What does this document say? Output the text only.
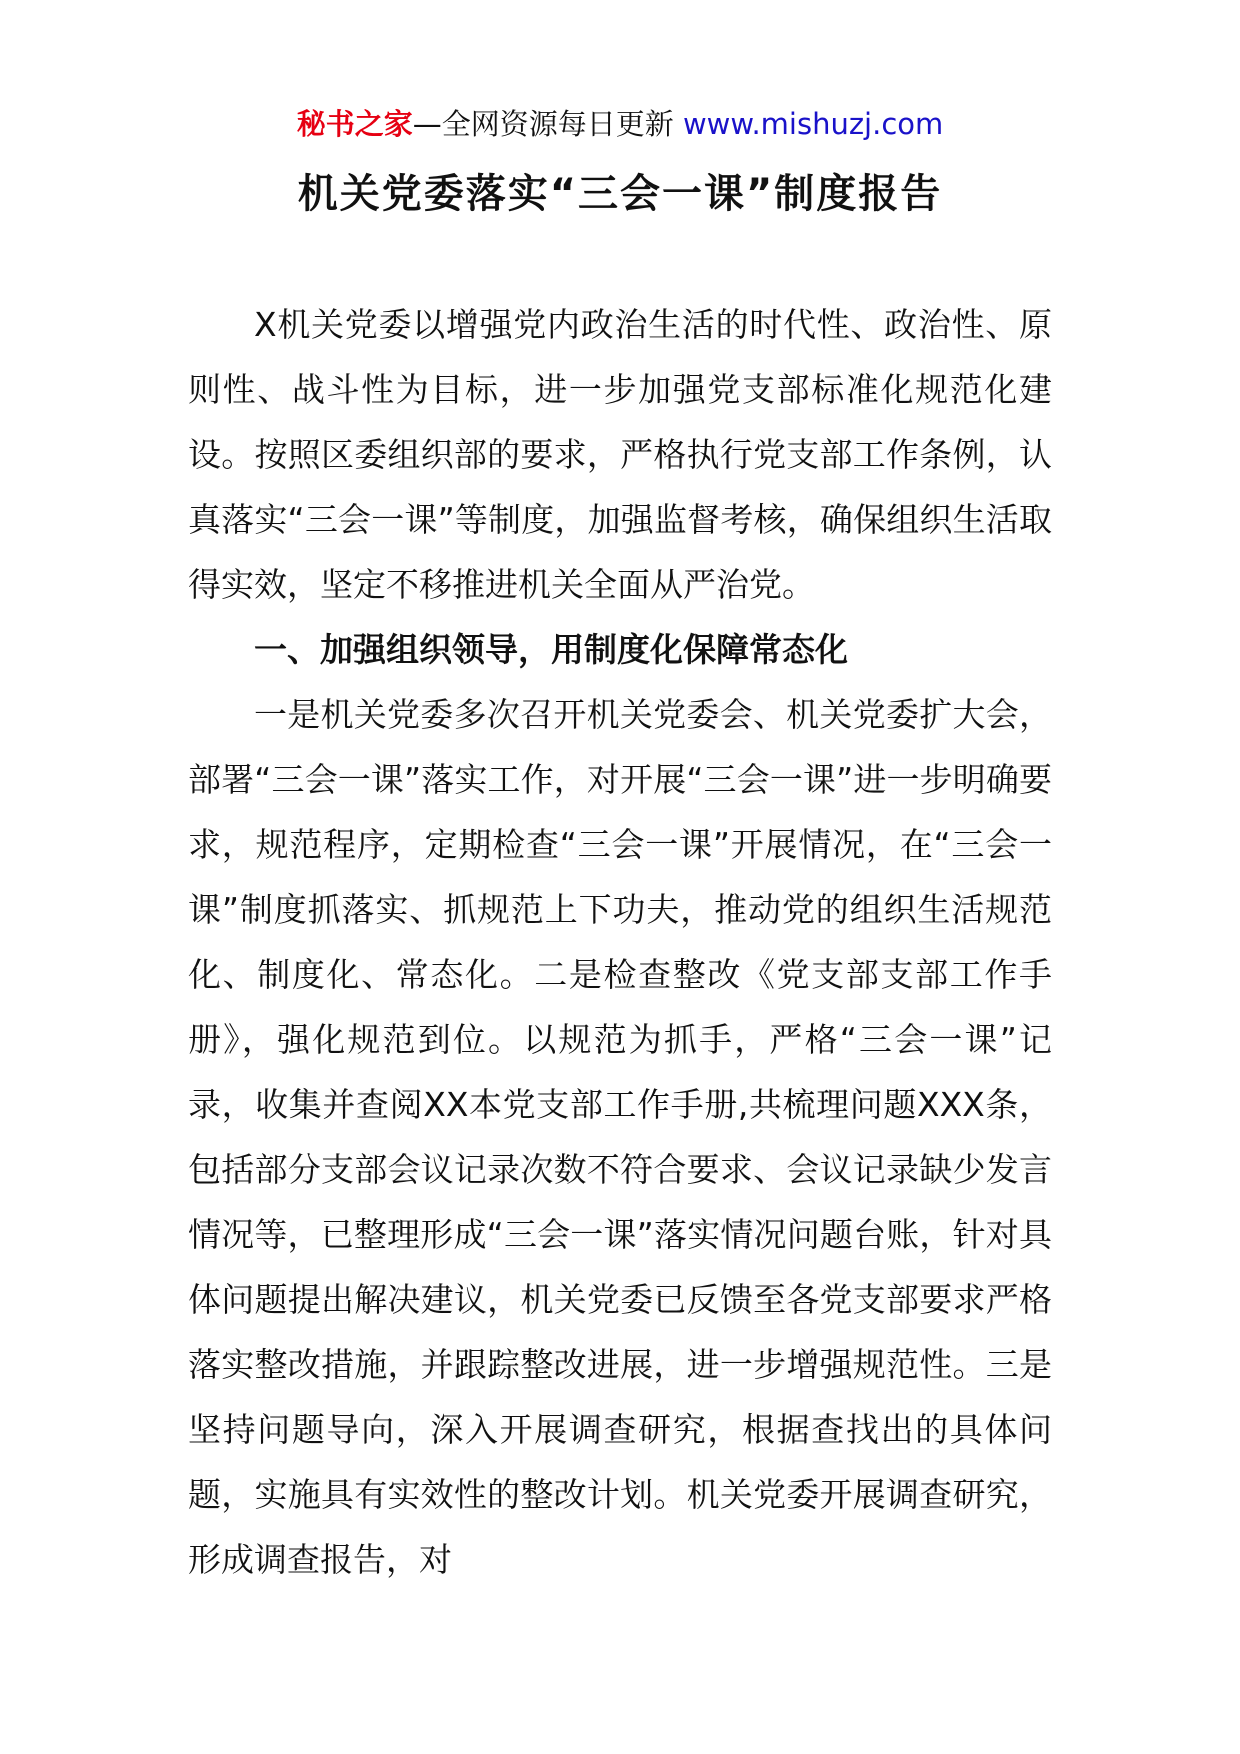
秘书之家—全网资源每日更新 www.mishuzj.com
机关党委落实“三会一课”制度报告

X机关党委以增强党内政治生活的时代性、政治性、原则性、战斗性为目标，进一步加强党支部标准化规范化建设。按照区委组织部的要求，严格执行党支部工作条例，认真落实“三会一课”等制度，加强监督考核，确保组织生活取得实效，坚定不移推进机关全面从严治党。

一、加强组织领导，用制度化保障常态化

一是机关党委多次召开机关党委会、机关党委扩大会，部署“三会一课”落实工作，对开展“三会一课”进一步明确要求，规范程序，定期检查“三会一课”开展情况，在“三会一课”制度抓落实、抓规范上下功夫，推动党的组织生活规范化、制度化、常态化。二是检查整改《党支部支部工作手册》，强化规范到位。以规范为抓手，严格“三会一课”记录，收集并查阅XX本党支部工作手册,共梳理问题XXX条，包括部分支部会议记录次数不符合要求、会议记录缺少发言情况等，已整理形成“三会一课”落实情况问题台账，针对具体问题提出解决建议，机关党委已反馈至各党支部要求严格落实整改措施，并跟踪整改进展，进一步增强规范性。三是坚持问题导向，深入开展调查研究，根据查找出的具体问题，实施具有实效性的整改计划。机关党委开展调查研究，形成调查报告，对
